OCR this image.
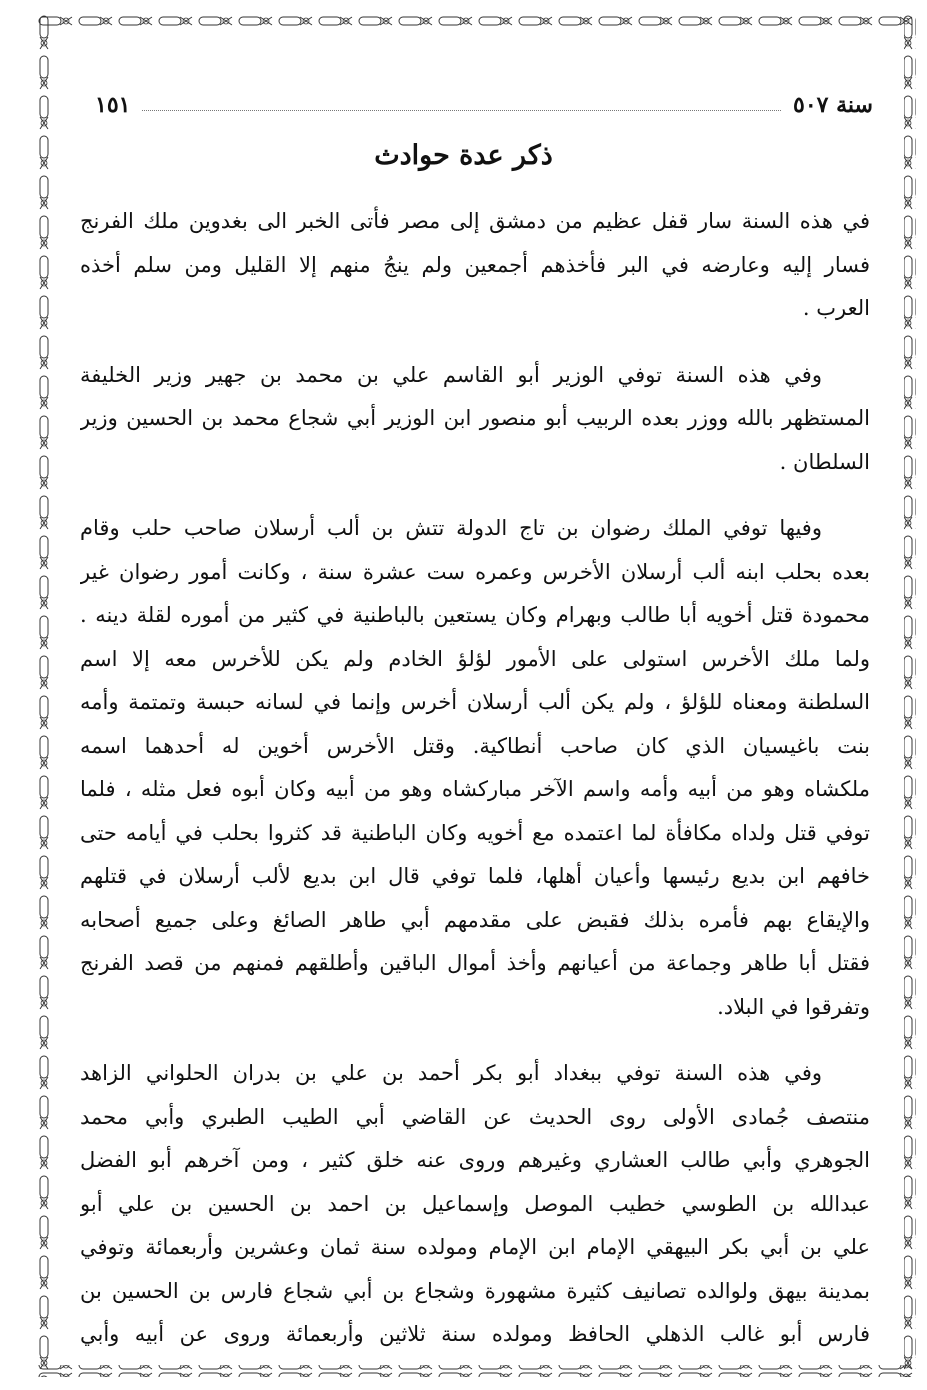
سنة ٥٠٧
١٥١
ذكر عدة حوادث
في هذه السنة سار قفل عظيم من دمشق إلى مصر فأتى الخبر الى بغدوين ملك الفرنج
فسار إليه وعارضه في البر فأخذهم أجمعين ولم ينجُ منهم إلا القليل ومن سلم أخذه
العرب .
وفي هذه السنة توفي الوزير أبو القاسم علي بن محمد بن جهير وزير الخليفة
المستظهر بالله ووزر بعده الربيب أبو منصور ابن الوزير أبي شجاع محمد بن الحسين وزير
السلطان .
وفيها توفي الملك رضوان بن تاج الدولة تتش بن ألب أرسلان صاحب حلب وقام
بعده بحلب ابنه ألب أرسلان الأخرس وعمره ست عشرة سنة ، وكانت أمور رضوان غير
محمودة قتل أخويه أبا طالب وبهرام وكان يستعين بالباطنية في كثير من أموره لقلة دينه .
ولما ملك الأخرس استولى على الأمور لؤلؤ الخادم ولم يكن للأخرس معه إلا اسم
السلطنة ومعناه للؤلؤ ، ولم يكن ألب أرسلان أخرس وإنما في لسانه حبسة وتمتمة وأمه
بنت باغيسيان الذي كان صاحب أنطاكية. وقتل الأخرس أخوين له أحدهما اسمه
ملكشاه وهو من أبيه وأمه واسم الآخر مباركشاه وهو من أبيه وكان أبوه فعل مثله ، فلما
توفي قتل ولداه مكافأة لما اعتمده مع أخويه وكان الباطنية قد كثروا بحلب في أيامه حتى
خافهم ابن بديع رئيسها وأعيان أهلها، فلما توفي قال ابن بديع لألب أرسلان في قتلهم
والإيقاع بهم فأمره بذلك فقبض على مقدمهم أبي طاهر الصائغ وعلى جميع أصحابه
فقتل أبا طاهر وجماعة من أعيانهم وأخذ أموال الباقين وأطلقهم فمنهم من قصد الفرنج
وتفرقوا في البلاد.
وفي هذه السنة توفي ببغداد أبو بكر أحمد بن علي بن بدران الحلواني الزاهد
منتصف جُمادى الأولى روى الحديث عن القاضي أبي الطيب الطبري وأبي محمد
الجوهري وأبي طالب العشاري وغيرهم وروى عنه خلق كثير ، ومن آخرهم أبو الفضل
عبدالله بن الطوسي خطيب الموصل وإسماعيل بن احمد بن الحسين بن علي أبو
علي بن أبي بكر البيهقي الإمام ابن الإمام ومولده سنة ثمان وعشرين وأربعمائة وتوفي
بمدينة بيهق ولوالده تصانيف كثيرة مشهورة وشجاع بن أبي شجاع فارس بن الحسين بن
فارس أبو غالب الذهلي الحافظ ومولده سنة ثلاثين وأربعمائة وروى عن أبيه وأبي
